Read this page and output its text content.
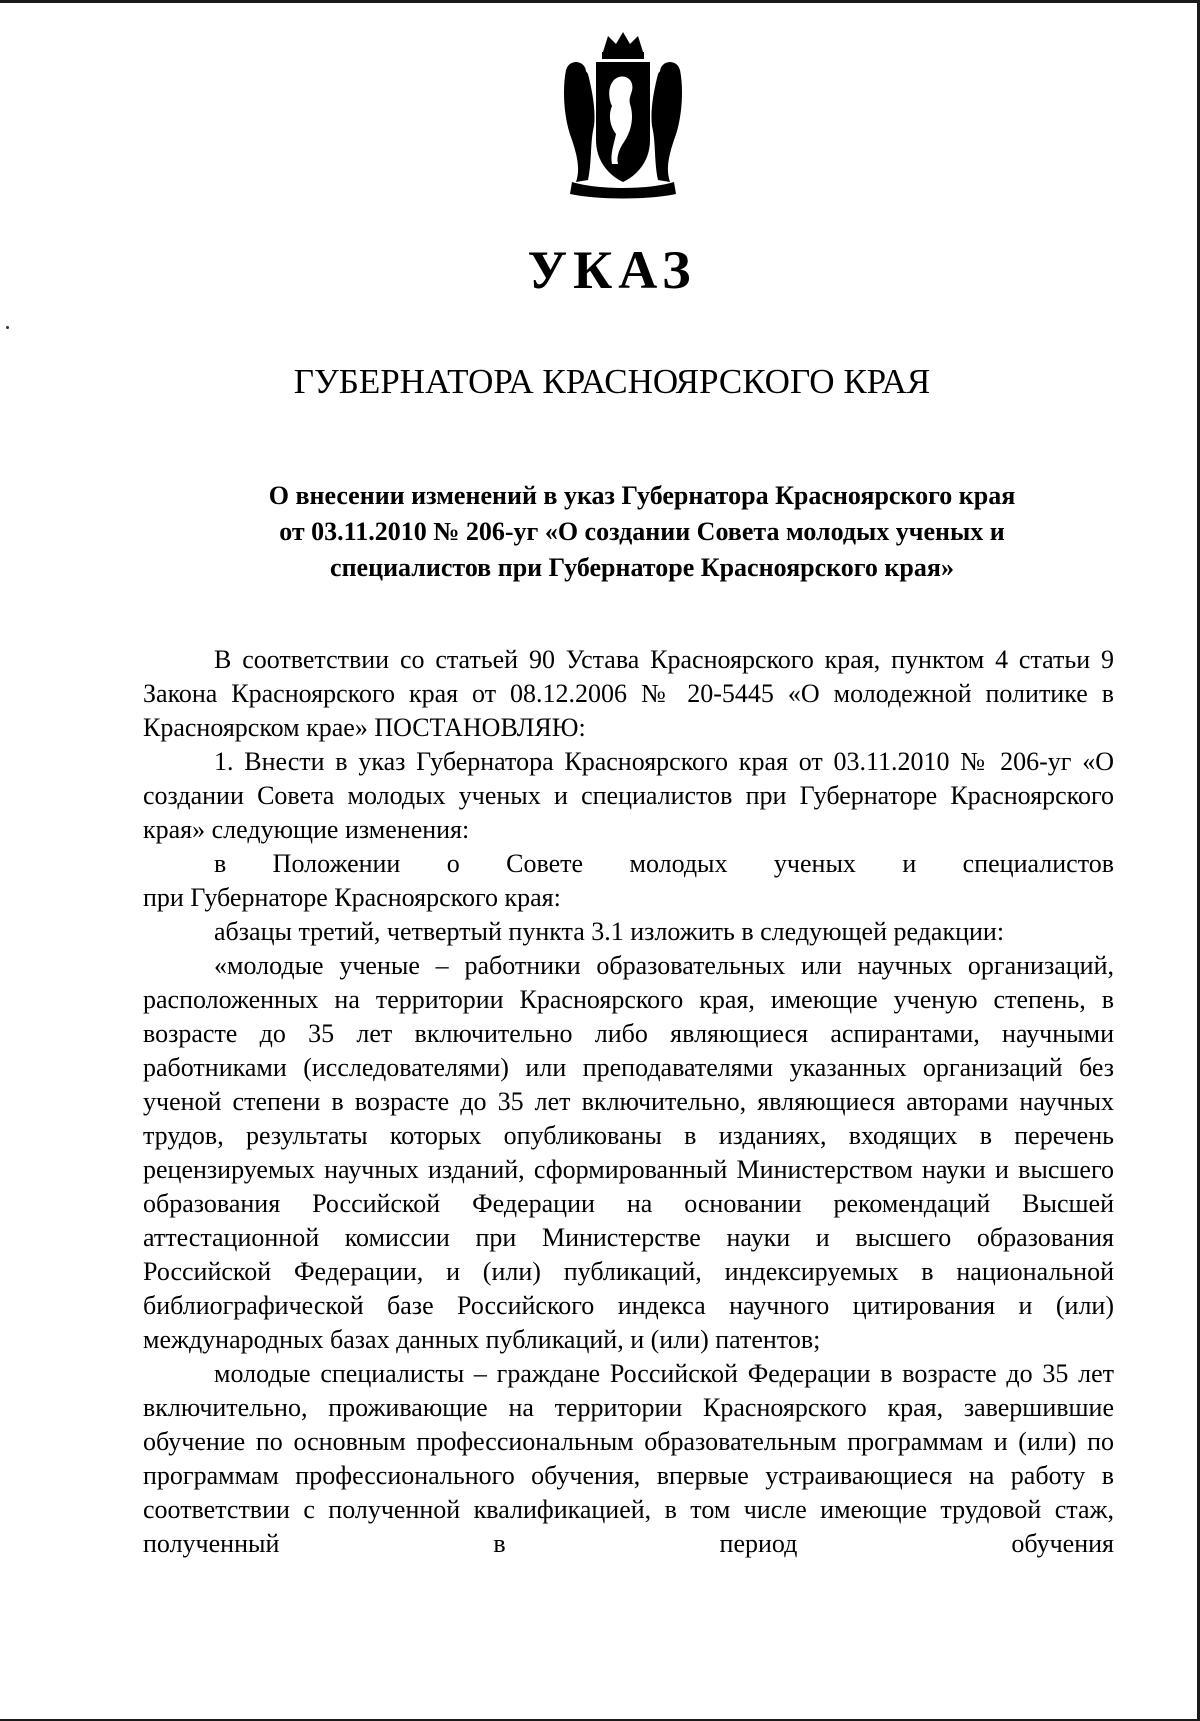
УКАЗ
ГУБЕРНАТОРА КРАСНОЯРСКОГО КРАЯ
О внесении изменений в указ Губернатора Красноярского края
от 03.11.2010 № 206-уг «О создании Совета молодых ученых и
специалистов при Губернаторе Красноярского края»

В соответствии со статьей 90 Устава Красноярского края, пунктом 4 статьи 9 Закона Красноярского края от 08.12.2006 № 20-5445 «О молодежной политике в Красноярском крае» ПОСТАНОВЛЯЮ:

1. Внести в указ Губернатора Красноярского края от 03.11.2010 № 206-уг «О создании Совета молодых ученых и специалистов при Губернаторе Красноярского края» следующие изменения:

в Положении о Совете молодых ученых и специалистов

при Губернаторе Красноярского края:

абзацы третий, четвертый пункта 3.1 изложить в следующей редакции:

«молодые ученые – работники образовательных или научных организаций, расположенных на территории Красноярского края, имеющие ученую степень, в возрасте до 35 лет включительно либо являющиеся аспирантами, научными работниками (исследователями) или преподавателями указанных организаций без ученой степени в возрасте до 35 лет включительно, являющиеся авторами научных трудов, результаты которых опубликованы в изданиях, входящих в перечень рецензируемых научных изданий, сформированный Министерством науки и высшего образования Российской Федерации на основании рекомендаций Высшей аттестационной комиссии при Министерстве науки и высшего образования Российской Федерации, и (или) публикаций, индексируемых в национальной библиографической базе Российского индекса научного цитирования и (или) международных базах данных публикаций, и (или) патентов;

молодые специалисты – граждане Российской Федерации в возрасте до 35 лет включительно, проживающие на территории Красноярского края, завершившие обучение по основным профессиональным образовательным программам и (или) по программам профессионального обучения, впервые устраивающиеся на работу в соответствии с полученной квалификацией, в том числе имеющие трудовой стаж, полученный в период обучения
